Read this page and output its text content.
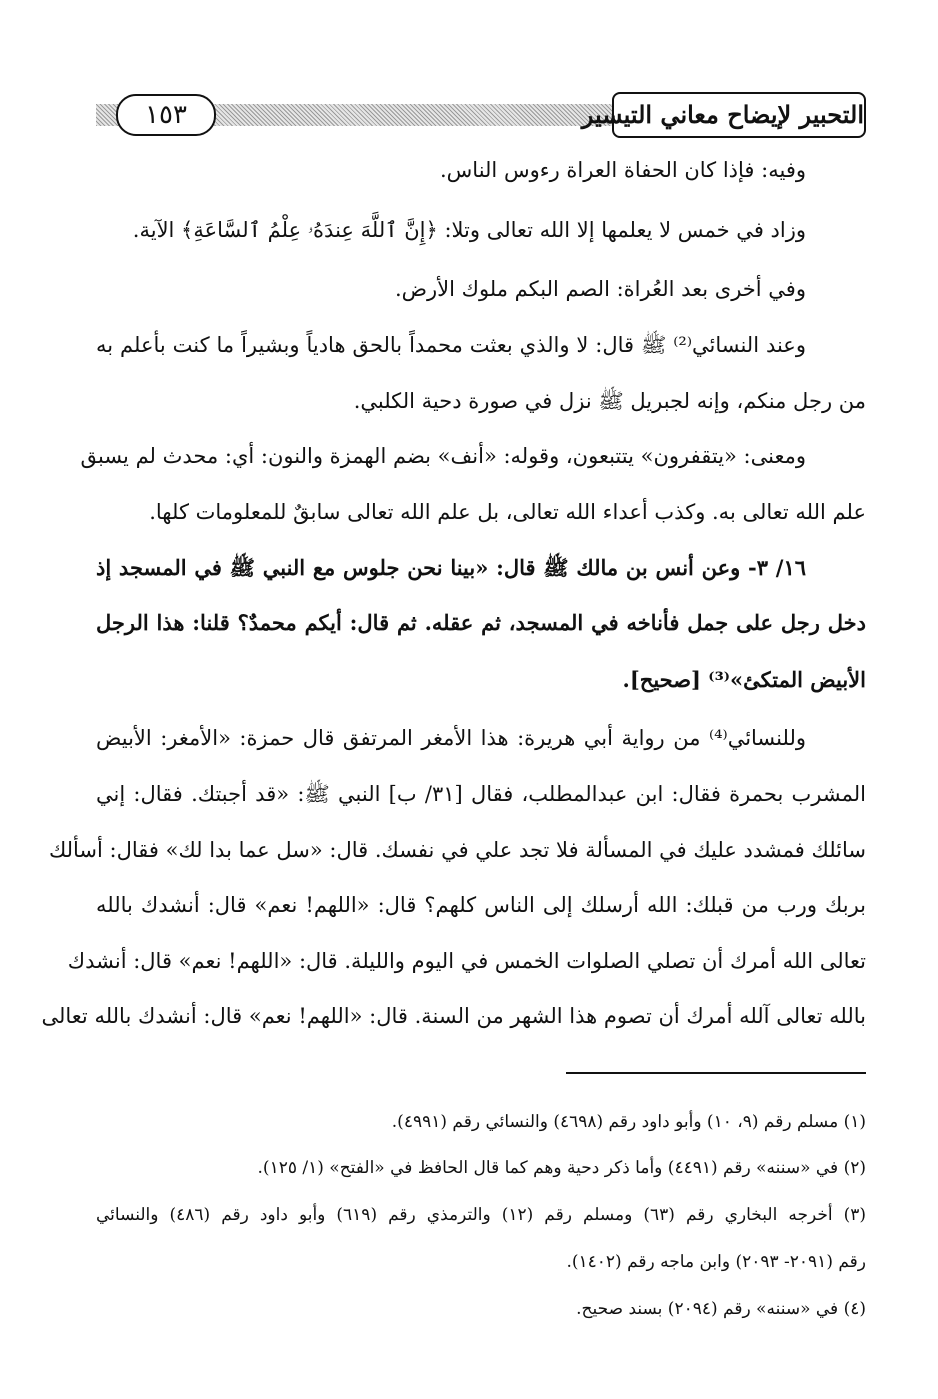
١٥٣	التحبير لإيضاح معاني التيسير
وفيه: فإذا كان الحفاة العراة رءوس الناس.
وزاد في خمس لا يعلمها إلا الله تعالى وتلا: ﴿إِنَّ ٱللَّهَ عِندَهُۥ عِلْمُ ٱلسَّاعَةِ﴾ الآية.
وفي أخرى بعد العُراة: الصم البكم ملوك الأرض.
وعند النسائي⁽²⁾ ﷺ قال: لا والذي بعثت محمداً بالحق هادياً وبشيراً ما كنت بأعلم به
من رجل منكم، وإنه لجبريل ﷺ نزل في صورة دحية الكلبي.
ومعنى: «يتقفرون» يتتبعون، وقوله: «أنف» بضم الهمزة والنون: أي: محدث لم يسبق
علم الله تعالى به. وكذب أعداء الله تعالى، بل علم الله تعالى سابقٌ للمعلومات كلها.
١٦/ ٣- وعن أنس بن مالك ﷺ قال: «بينا نحن جلوس مع النبي ﷺ في المسجد إذ
دخل رجل على جمل فأناخه في المسجد، ثم عقله. ثم قال: أيكم محمدٌ؟ قلنا: هذا الرجل
الأبيض المتكئ»⁽³⁾ [صحيح].
وللنسائي⁽⁴⁾ من رواية أبي هريرة: هذا الأمغر المرتفق قال حمزة: «الأمغر: الأبيض
المشرب بحمرة فقال: ابن عبدالمطلب، فقال [٣١/ ب] النبي ﷺ: «قد أجبتك. فقال: إني
سائلك فمشدد عليك في المسألة فلا تجد علي في نفسك. قال: «سل عما بدا لك» فقال: أسألك
بربك ورب من قبلك: الله أرسلك إلى الناس كلهم؟ قال: «اللهم! نعم» قال: أنشدك بالله
تعالى الله أمرك أن تصلي الصلوات الخمس في اليوم والليلة. قال: «اللهم! نعم» قال: أنشدك
بالله تعالى آلله أمرك أن تصوم هذا الشهر من السنة. قال: «اللهم! نعم» قال: أنشدك بالله تعالى
(١) مسلم رقم (٩، ١٠) وأبو داود رقم (٤٦٩٨) والنسائي رقم (٤٩٩١).
(٢) في «سننه» رقم (٤٤٩١) وأما ذكر دحية وهم كما قال الحافظ في «الفتح» (١/ ١٢٥).
(٣) أخرجه البخاري رقم (٦٣) ومسلم رقم (١٢) والترمذي رقم (٦١٩) وأبو داود رقم (٤٨٦) والنسائي
رقم (٢٠٩١- ٢٠٩٣) وابن ماجه رقم (١٤٠٢).
(٤) في «سننه» رقم (٢٠٩٤) بسند صحيح.
